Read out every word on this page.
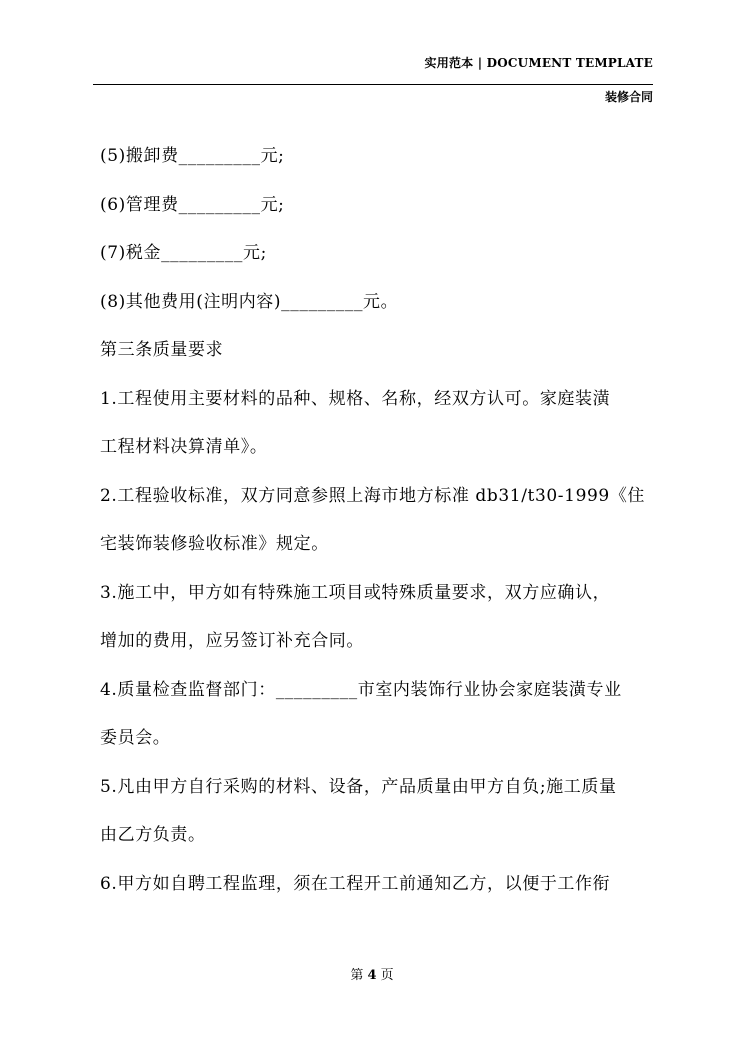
实用范本 | DOCUMENT TEMPLATE
装修合同
(5)搬卸费_________元;
(6)管理费_________元;
(7)税金_________元;
(8)其他费用(注明内容)_________元。
第三条质量要求
1.工程使用主要材料的品种、规格、名称，经双方认可。家庭装潢
工程材料决算清单》。
2.工程验收标准，双方同意参照上海市地方标准 db31/t30-1999《住
宅装饰装修验收标准》规定。
3.施工中，甲方如有特殊施工项目或特殊质量要求，双方应确认，
增加的费用，应另签订补充合同。
4.质量检查监督部门：_________市室内装饰行业协会家庭装潢专业
委员会。
5.凡由甲方自行采购的材料、设备，产品质量由甲方自负;施工质量
由乙方负责。
6.甲方如自聘工程监理，须在工程开工前通知乙方，以便于工作衔
第 4 页
